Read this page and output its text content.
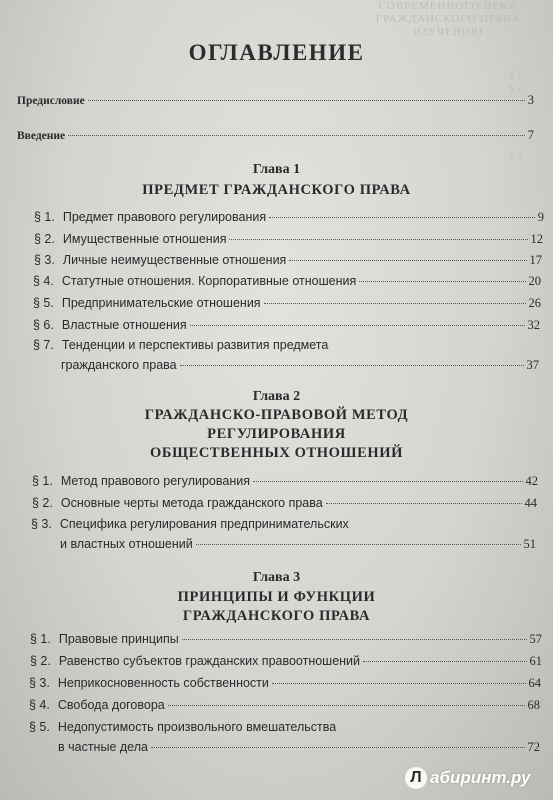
СОВРЕМЕННОГО ВЕКА
ГРАЖДАНСКОГО ПРАВА ИЗУЧЕНИЮ
§ 1.
§ 2.
§ 3.
ОГЛАВЛЕНИЕ
Предисловие	3
Введение	7
Глава 1
ПРЕДМЕТ ГРАЖДАНСКОГО ПРАВА
§ 1. Предмет правового регулирования	9
§ 2. Имущественные отношения	12
§ 3. Личные неимущественные отношения	17
§ 4. Статутные отношения. Корпоративные отношения	20
§ 5. Предпринимательские отношения	26
§ 6. Властные отношения	32
§ 7. Тенденции и перспективы развития предмета
гражданского права	37
Глава 2
ГРАЖДАНСКО-ПРАВОВОЙ МЕТОД
РЕГУЛИРОВАНИЯ
ОБЩЕСТВЕННЫХ ОТНОШЕНИЙ
§ 1. Метод правового регулирования	42
§ 2. Основные черты метода гражданского права	44
§ 3. Специфика регулирования предпринимательских
и властных отношений	51
Глава 3
ПРИНЦИПЫ И ФУНКЦИИ
ГРАЖДАНСКОГО ПРАВА
§ 1. Правовые принципы	57
§ 2. Равенство субъектов гражданских правоотношений	61
§ 3. Неприкосновенность собственности	64
§ 4. Свобода договора	68
§ 5. Недопустимость произвольного вмешательства
в частные дела	72
Л абиринт.ру
